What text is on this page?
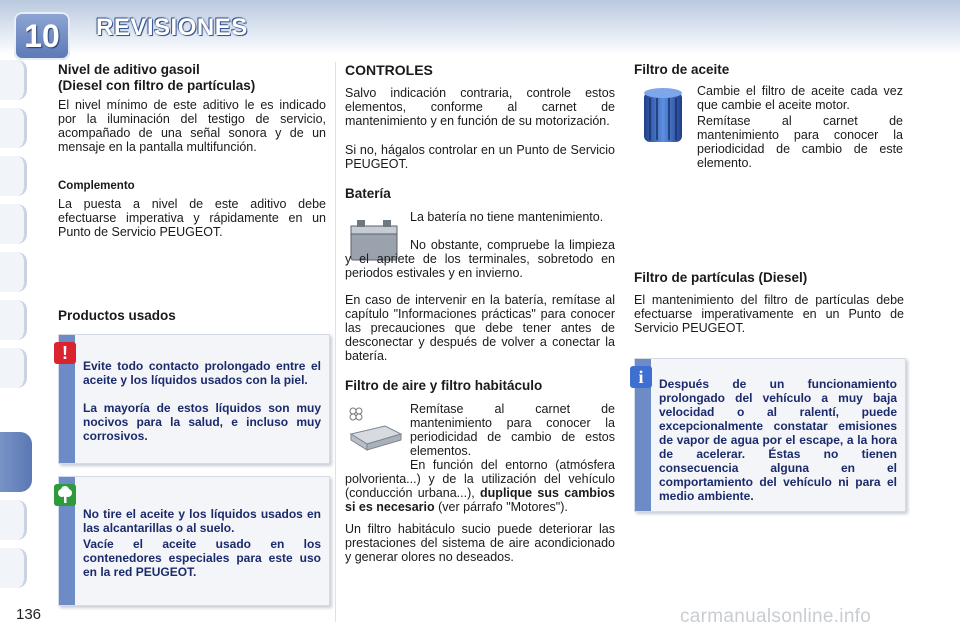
10	REVISIONES
Nivel de aditivo gasoil
(Diesel con filtro de partículas)

El nivel mínimo de este aditivo le es indicado por la iluminación del testigo de servicio, acompañado de una señal sonora y de un mensaje en la pantalla multifunción.

Complemento

La puesta a nivel de este aditivo debe efectuarse imperativa y rápidamente en un Punto de Servicio PEUGEOT.

Productos usados
Evite todo contacto prolongado entre el aceite y los líquidos usados con la piel.
La mayoría de estos líquidos son muy nocivos para la salud, e incluso muy corrosivos.
!
No tire el aceite y los líquidos usados en las alcantarillas o al suelo.
Vacíe el aceite usado en los contenedores especiales para este uso en la red PEUGEOT.
CONTROLES

Salvo indicación contraria, controle estos elementos, conforme al carnet de mantenimiento y en función de su motorización.

Si no, hágalos controlar en un Punto de Servicio PEUGEOT.

Batería

La batería no tiene mantenimiento.

No obstante, compruebe la limpieza y el apriete de los terminales, sobretodo en periodos estivales y en invierno.

En caso de intervenir en la batería, remítase al capítulo "Informaciones prácticas" para conocer las precauciones que debe tener antes de desconectar y después de volver a conectar la batería.

Filtro de aire y filtro habitáculo

Remítase al carnet de mantenimiento para conocer la periodicidad de cambio de estos elementos.

En función del entorno (atmósfera polvorienta...) y de la utilización del vehículo (conducción urbana...), duplique sus cambios si es necesario (ver párrafo "Motores").

Un filtro habitáculo sucio puede deteriorar las prestaciones del sistema de aire acondicionado y generar olores no deseados.

Filtro de aceite

Cambie el filtro de aceite cada vez que cambie el aceite motor.

Remítase al carnet de mantenimiento para conocer la periodicidad de cambio de este elemento.

Filtro de partículas (Diesel)

El mantenimiento del filtro de partículas debe efectuarse imperativamente en un Punto de Servicio PEUGEOT.

Después de un funcionamiento prolongado del vehículo a muy baja velocidad o al ralentí, puede excepcionalmente constatar emisiones de vapor de agua por el escape, a la hora de acelerar. Éstas no tienen consecuencia alguna en el comportamiento del vehículo ni para el medio ambiente.
i
136	carmanualsonline.info
